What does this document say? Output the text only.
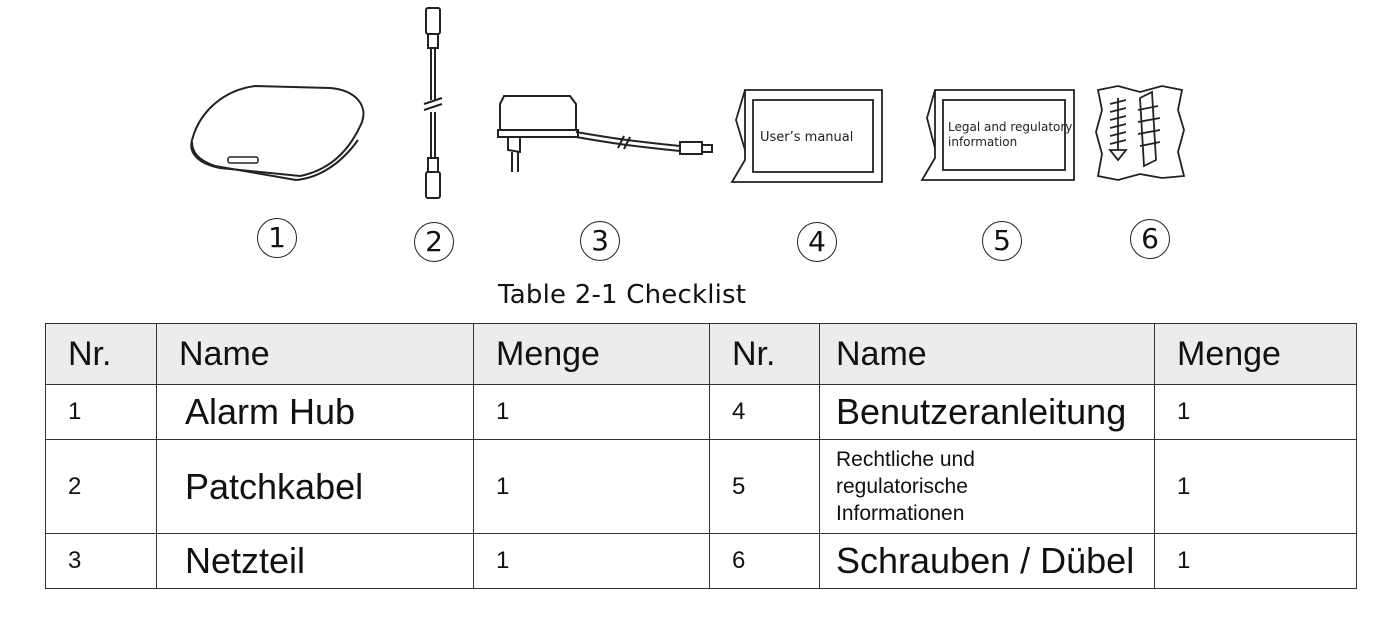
User’s manual
Legal and regulatory
information
1	2	3	4	5	6
Table 2-1 Checklist
Nr.	Name	Menge	Nr.	Name	Menge
1	Alarm Hub	1	4	Benutzeranleitung	1
2	Patchkabel	1	5	Rechtliche und
regulatorische
Informationen	1
3	Netzteil	1	6	Schrauben / Dübel	1
